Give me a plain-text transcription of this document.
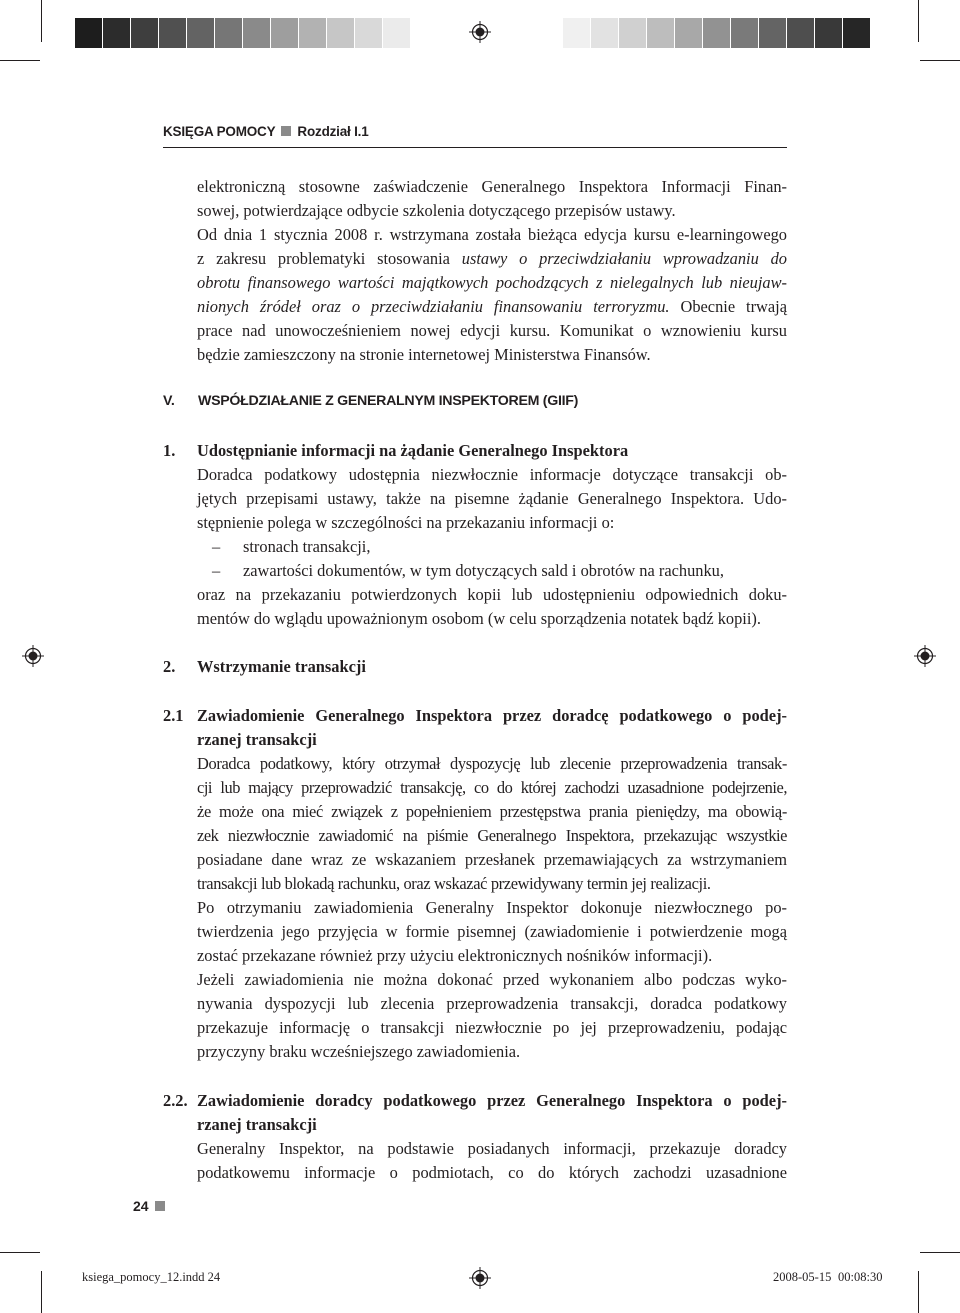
KSIĘGA POMOCY Rozdział I.1
elektroniczną stosowne zaświadczenie Generalnego Inspektora Informacji Finan-
sowej, potwierdzające odbycie szkolenia dotyczącego przepisów ustawy.
Od dnia 1 stycznia 2008 r. wstrzymana została bieżąca edycja kursu e-learningowego
z zakresu problematyki stosowania ustawy o przeciwdziałaniu wprowadzaniu do
obrotu finansowego wartości majątkowych pochodzących z nielegalnych lub nieujaw-
nionych źródeł oraz o przeciwdziałaniu finansowaniu terroryzmu. Obecnie trwają
prace nad unowocześnieniem nowej edycji kursu. Komunikat o wznowieniu kursu
będzie zamieszczony na stronie internetowej Ministerstwa Finansów.
V. WSPÓŁDZIAŁANIE Z GENERALNYM INSPEKTOREM (GIIF)
1. Udostępnianie informacji na żądanie Generalnego Inspektora
Doradca podatkowy udostępnia niezwłocznie informacje dotyczące transakcji ob-
jętych przepisami ustawy, także na pisemne żądanie Generalnego Inspektora. Udo-
stępnienie polega w szczególności na przekazaniu informacji o:
– stronach transakcji,
– zawartości dokumentów, w tym dotyczących sald i obrotów na rachunku,
oraz na przekazaniu potwierdzonych kopii lub udostępnieniu odpowiednich doku-
mentów do wglądu upoważnionym osobom (w celu sporządzenia notatek bądź kopii).
2. Wstrzymanie transakcji
2.1 Zawiadomienie Generalnego Inspektora przez doradcę podatkowego o podej-
rzanej transakcji
Doradca podatkowy, który otrzymał dyspozycję lub zlecenie przeprowadzenia transak-
cji lub mający przeprowadzić transakcję, co do której zachodzi uzasadnione podejrzenie,
że może ona mieć związek z popełnieniem przestępstwa prania pieniędzy, ma obowią-
zek niezwłocznie zawiadomić na piśmie Generalnego Inspektora, przekazując wszystkie
posiadane dane wraz ze wskazaniem przesłanek przemawiających za wstrzymaniem
transakcji lub blokadą rachunku, oraz wskazać przewidywany termin jej realizacji.
Po otrzymaniu zawiadomienia Generalny Inspektor dokonuje niezwłocznego po-
twierdzenia jego przyjęcia w formie pisemnej (zawiadomienie i potwierdzenie mogą
zostać przekazane również przy użyciu elektronicznych nośników informacji).
Jeżeli zawiadomienia nie można dokonać przed wykonaniem albo podczas wyko-
nywania dyspozycji lub zlecenia przeprowadzenia transakcji, doradca podatkowy
przekazuje informację o transakcji niezwłocznie po jej przeprowadzeniu, podając
przyczyny braku wcześniejszego zawiadomienia.
2.2. Zawiadomienie doradcy podatkowego przez Generalnego Inspektora o podej-
rzanej transakcji
Generalny Inspektor, na podstawie posiadanych informacji, przekazuje doradcy
podatkowemu informacje o podmiotach, co do których zachodzi uzasadnione
24
ksiega_pomocy_12.indd 24	2008-05-15 00:08:30
